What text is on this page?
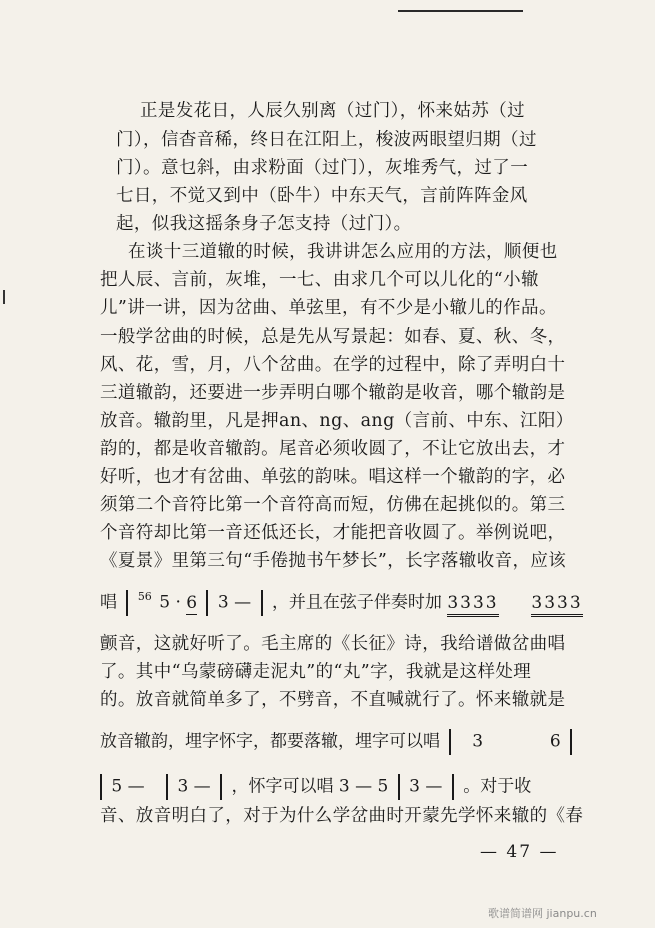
正是发花日，人辰久别离（过门），怀来姑苏（过
门），信杳音稀，终日在江阳上，梭波两眼望归期（过
门）。意乜斜，由求粉面（过门），灰堆秀气，过了一
七日，不觉又到中（卧牛）中东天气，言前阵阵金风
起，似我这摇条身子怎支持（过门）。
在谈十三道辙的时候，我讲讲怎么应用的方法，顺便也
把人辰、言前，灰堆，一七、由求几个可以儿化的“小辙
儿”讲一讲，因为岔曲、单弦里，有不少是小辙儿的作品。
一般学岔曲的时候，总是先从写景起：如春、夏、秋、冬，
风、花，雪，月，八个岔曲。在学的过程中，除了弄明白十
三道辙韵，还要进一步弄明白哪个辙韵是收音，哪个辙韵是
放音。辙韵里，凡是押an、ng、ang（言前、中东、江阳）
韵的，都是收音辙韵。尾音必须收圆了，不让它放出去，才
好听，也才有岔曲、单弦的韵味。唱这样一个辙韵的字，必
须第二个音符比第一个音符高而短，仿佛在起挑似的。第三
个音符却比第一音还低还长，才能把音收圆了。举例说吧，
《夏景》里第三句“手倦抛书午梦长”，长字落辙收音，应该
唱 $^{56}$ 5 · 6 3 — ，并且在弦子伴奏时加 3333 3333
颤音，这就好听了。毛主席的《长征》诗，我给谱做岔曲唱
了。其中“乌蒙磅礴走泥丸”的“丸”字，我就是这样处理
的。放音就简单多了，不劈音，不直喊就行了。怀来辙就是
放音辙韵，埋字怀字，都要落辙，埋字可以唱 3	6
5 — 3 — ，怀字可以唱 3 — 5 3 — 。对于收
音、放音明白了，对于为什么学岔曲时开蒙先学怀来辙的《春
— 47 —
歌谱简谱网 jianpu.cn
